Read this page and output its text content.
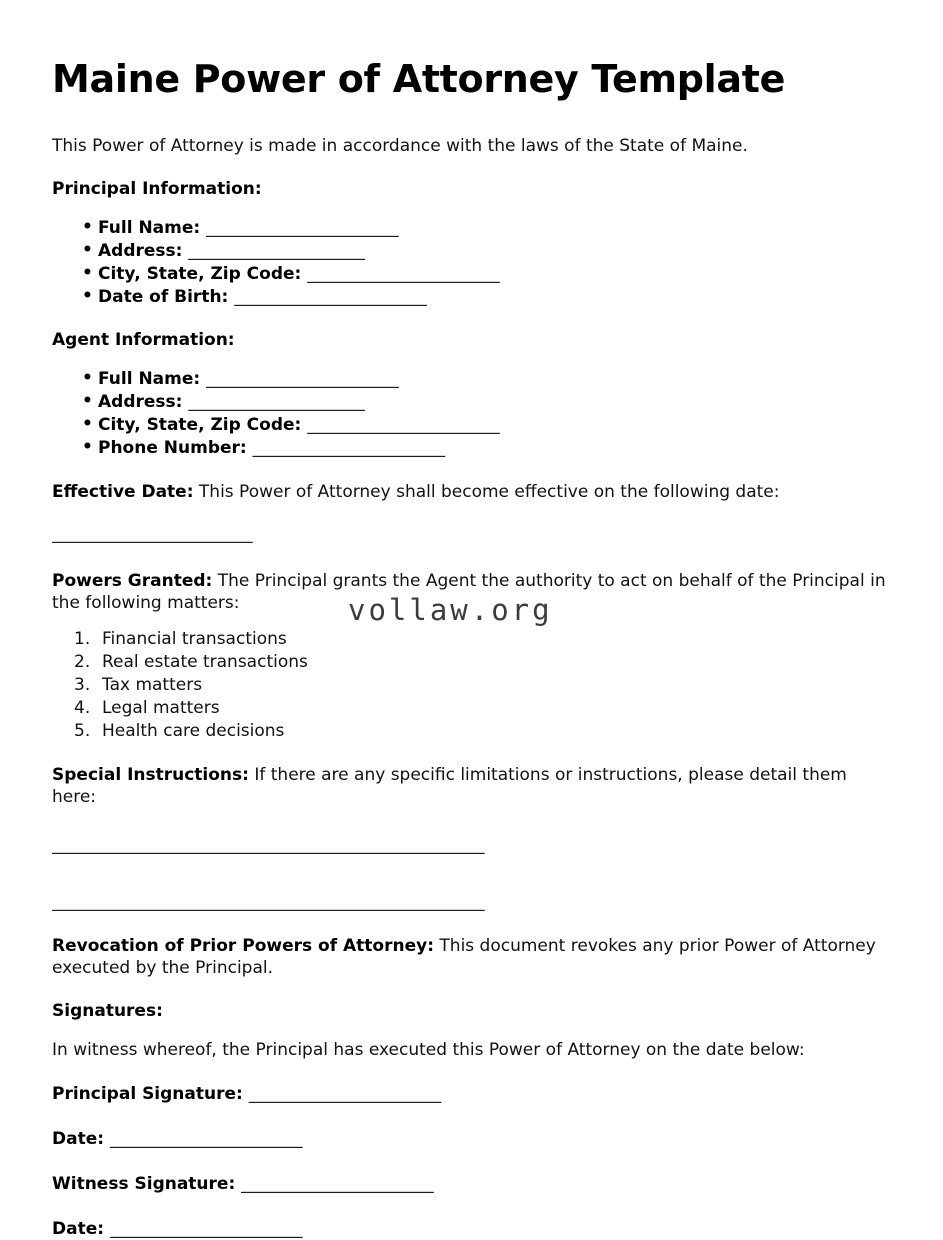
Maine Power of Attorney Template

This Power of Attorney is made in accordance with the laws of the State of Maine.

Principal Information:
• Full Name: ________________________
• Address: ______________________
• City, State, Zip Code: ________________________
• Date of Birth: ________________________
Agent Information:
• Full Name: ________________________
• Address: ______________________
• City, State, Zip Code: ________________________
• Phone Number: ________________________

Effective Date: This Power of Attorney shall become effective on the following date:

_________________________

Powers Granted: The Principal grants the Agent the authority to act on behalf of the Principal in the following matters:

Financial transactions
Real estate transactions
Tax matters
Legal matters
Health care decisions

Special Instructions: If there are any specific limitations or instructions, please detail them here:

______________________________________________________
______________________________________________________

Revocation of Prior Powers of Attorney: This document revokes any prior Power of Attorney executed by the Principal.

Signatures:

In witness whereof, the Principal has executed this Power of Attorney on the date below:

Principal Signature: ________________________
Date: ________________________
Witness Signature: ________________________
Date: ________________________
vollaw.org
